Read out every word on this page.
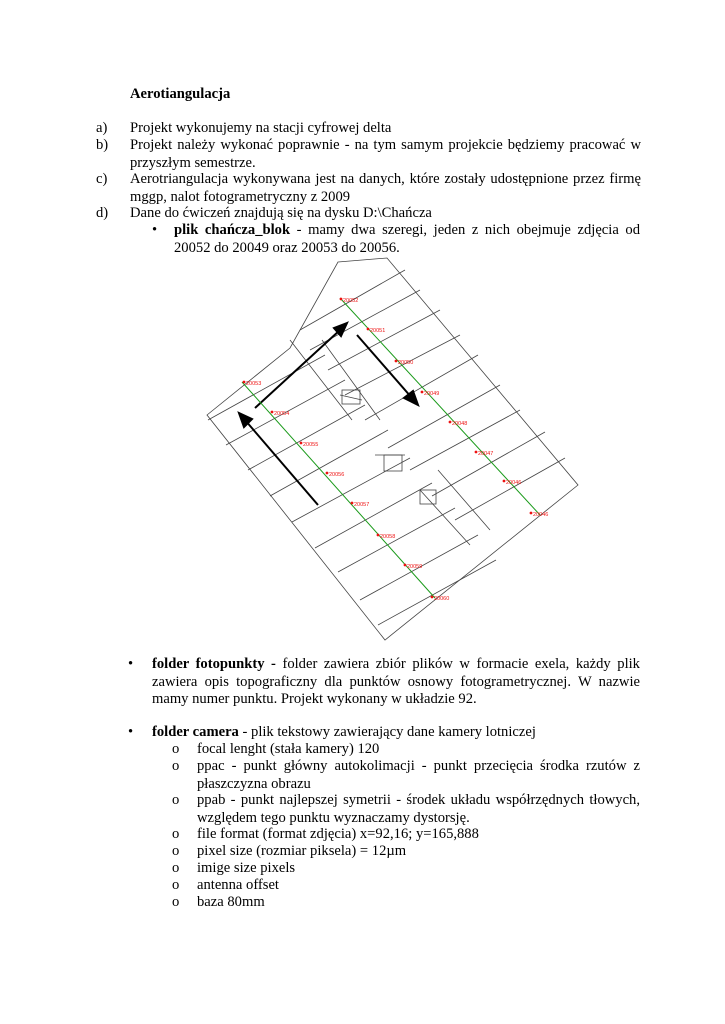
Aerotiangulacja
a) Projekt wykonujemy na stacji cyfrowej delta
b) Projekt należy wykonać poprawnie - na tym samym projekcie będziemy pracować w przyszłym semestrze.
c) Aerotriangulacja wykonywana jest na danych, które zostały udostępnione przez firmę mggp, nalot fotogrametryczny z 2009
d) Dane do ćwiczeń znajdują się na dysku D:\Chańcza
• plik chańcza_blok - mamy dwa szeregi, jeden z nich obejmuje zdjęcia od 20052 do 20049 oraz 20053 do 20056.
20052
20051
20050
20049
20048
20047
20046
20046
20053
20054
20055
20056
20057
20058
20059
20060
• folder fotopunkty - folder zawiera zbiór plików w formacie exela, każdy plik zawiera opis topograficzny dla punktów osnowy fotogrametrycznej. W nazwie mamy numer punktu. Projekt wykonany w układzie 92.
• folder camera - plik tekstowy zawierający dane kamery lotniczej
o focal lenght (stała kamery) 120
o ppac - punkt główny autokolimacji - punkt przecięcia środka rzutów z płaszczyzna obrazu
o ppab - punkt najlepszej symetrii - środek układu współrzędnych tłowych, względem tego punktu wyznaczamy dystorsję.
o file format (format zdjęcia) x=92,16; y=165,888
o pixel size (rozmiar piksela) = 12µm
o imige size pixels
o antenna offset
o baza 80mm
